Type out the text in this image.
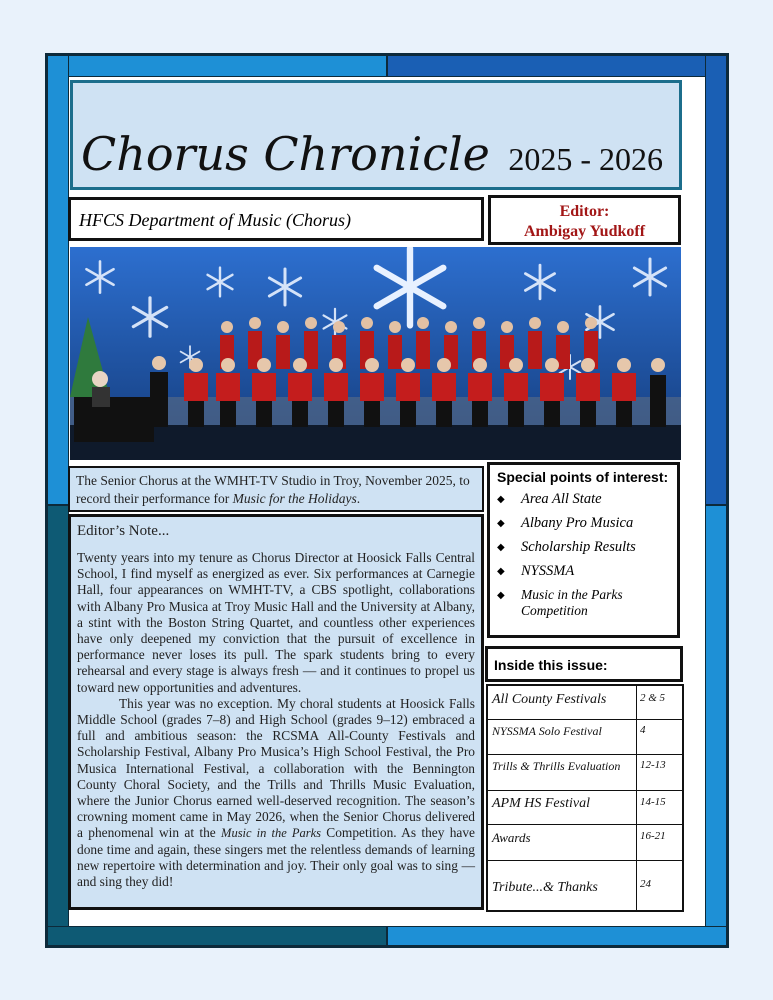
Chorus Chronicle 2025 - 2026
HFCS Department of Music (Chorus)	Editor:
Ambigay Yudkoff
The Senior Chorus at the WMHT-TV Studio in Troy, November 2025, to record their performance for Music for the Holidays.
Editor’s Note...

Twenty years into my tenure as Chorus Director at Hoosick Falls Central School, I find myself as energized as ever. Six performances at Carnegie Hall, four appearances on WMHT-TV, a CBS spotlight, collaborations with Albany Pro Musica at Troy Music Hall and the University at Albany, a stint with the Boston String Quartet, and countless other experiences have only deepened my conviction that the pursuit of excellence in performance never loses its pull. The spark students bring to every rehearsal and every stage is always fresh — and it continues to propel us toward new opportunities and adventures.

This year was no exception. My choral students at Hoosick Falls Middle School (grades 7–8) and High School (grades 9–12) embraced a full and ambitious season: the RCSMA All-County Festivals and Scholarship Festival, Albany Pro Musica’s High School Festival, the Pro Musica International Festival, a collaboration with the Bennington County Choral Society, and the Trills and Thrills Music Evaluation, where the Junior Chorus earned well-deserved recognition. The season’s crowning moment came in May 2026, when the Senior Chorus delivered a phenomenal win at the Music in the Parks Competition. As they have done time and again, these singers met the relentless demands of learning new repertoire with determination and joy. Their only goal was to sing — and sing they did!

Special points of interest:
◆	Area All State
◆	Albany Pro Musica
◆	Scholarship Results
◆	NYSSMA
◆	Music in the Parks Competition
Inside this issue:
All County Festivals	2 & 5
NYSSMA Solo Festival	4
Trills & Thrills Evaluation 12-13
APM HS Festival	14-15
Awards	16-21
Tribute...& Thanks	24
